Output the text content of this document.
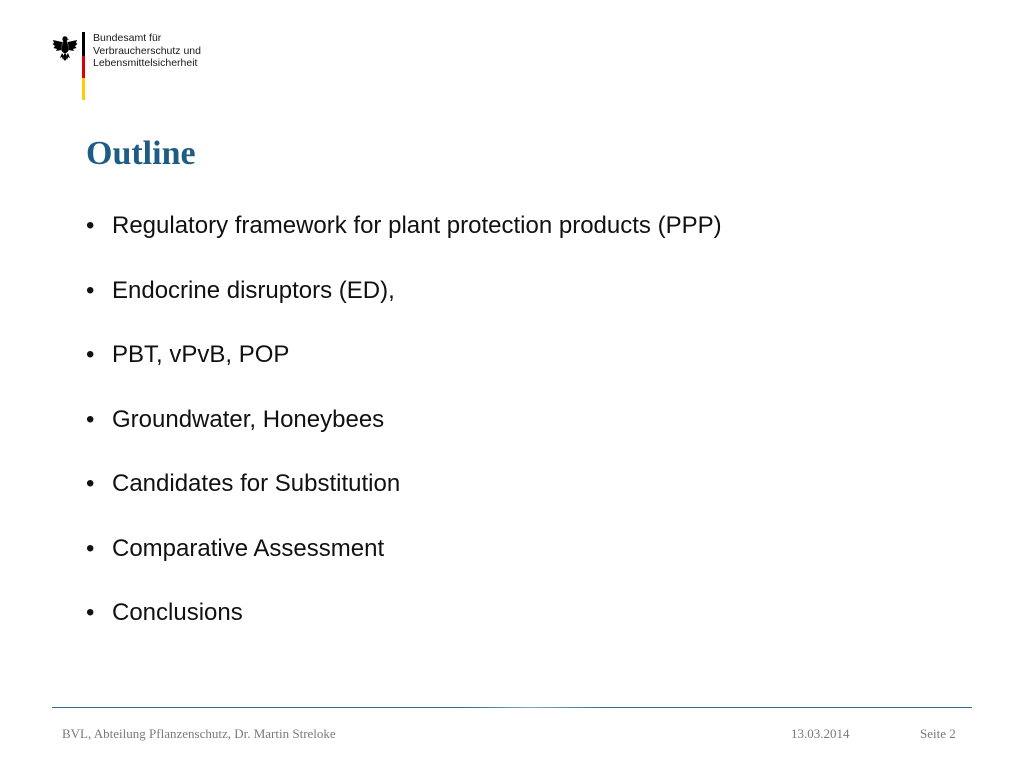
Bundesamt für
Verbraucherschutz und
Lebensmittelsicherheit
Outline
• Regulatory framework for plant protection products (PPP)
• Endocrine disruptors (ED),
• PBT, vPvB, POP
• Groundwater, Honeybees
• Candidates for Substitution
• Comparative Assessment
• Conclusions
BVL, Abteilung Pflanzenschutz, Dr. Martin Streloke	13.03.2014	Seite 2
